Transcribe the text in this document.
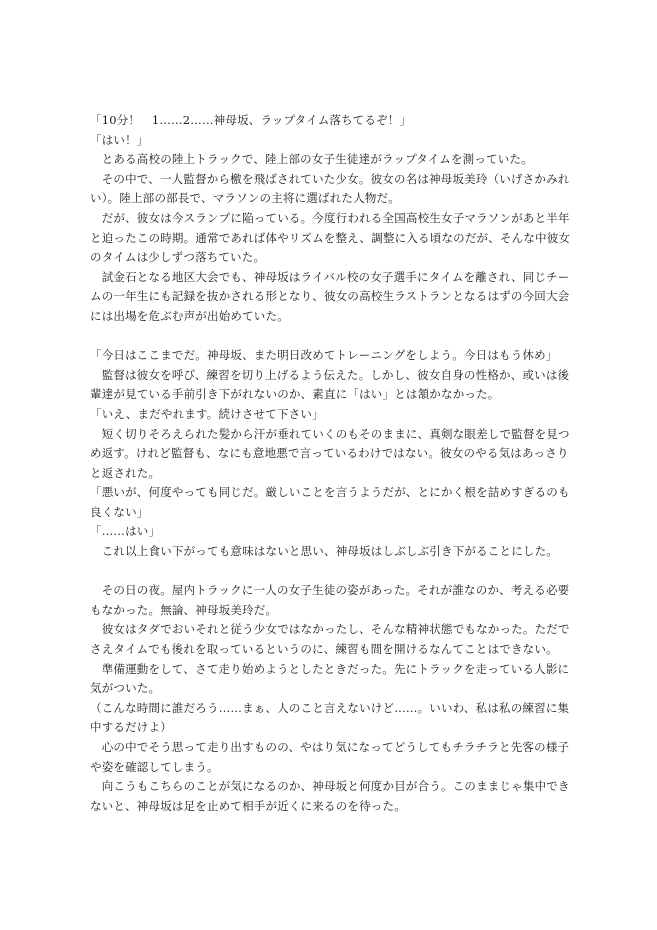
「10分！　1……2……神母坂、ラップタイム落ちてるぞ！」

「はい！」

　とある高校の陸上トラックで、陸上部の女子生徒達がラップタイムを測っていた。

　その中で、一人監督から檄を飛ばされていた少女。彼女の名は神母坂美玲（いげさかみれい）。陸上部の部長で、マラソンの主将に選ばれた人物だ。

　だが、彼女は今スランプに陥っている。今度行われる全国高校生女子マラソンがあと半年と迫ったこの時期。通常であれば体やリズムを整え、調整に入る頃なのだが、そんな中彼女のタイムは少しずつ落ちていた。

　試金石となる地区大会でも、神母坂はライバル校の女子選手にタイムを離され、同じチームの一年生にも記録を抜かされる形となり、彼女の高校生ラストランとなるはずの今回大会には出場を危ぶむ声が出始めていた。

「今日はここまでだ。神母坂、また明日改めてトレーニングをしよう。今日はもう休め」

　監督は彼女を呼び、練習を切り上げるよう伝えた。しかし、彼女自身の性格か、或いは後輩達が見ている手前引き下がれないのか、素直に「はい」とは頷かなかった。

「いえ、まだやれます。続けさせて下さい」

　短く切りそろえられた髪から汗が垂れていくのもそのままに、真剣な眼差しで監督を見つめ返す。けれど監督も、なにも意地悪で言っているわけではない。彼女のやる気はあっさりと返された。

「悪いが、何度やっても同じだ。厳しいことを言うようだが、とにかく根を詰めすぎるのも良くない」

「……はい」

　これ以上食い下がっても意味はないと思い、神母坂はしぶしぶ引き下がることにした。

　その日の夜。屋内トラックに一人の女子生徒の姿があった。それが誰なのか、考える必要もなかった。無論、神母坂美玲だ。

　彼女はタダでおいそれと従う少女ではなかったし、そんな精神状態でもなかった。ただでさえタイムでも後れを取っているというのに、練習も間を開けるなんてことはできない。

　準備運動をして、さて走り始めようとしたときだった。先にトラックを走っている人影に気がついた。

（こんな時間に誰だろう……まぁ、人のこと言えないけど……。いいわ、私は私の練習に集中するだけよ）

　心の中でそう思って走り出すものの、やはり気になってどうしてもチラチラと先客の様子や姿を確認してしまう。

　向こうもこちらのことが気になるのか、神母坂と何度か目が合う。このままじゃ集中できないと、神母坂は足を止めて相手が近くに来るのを待った。
